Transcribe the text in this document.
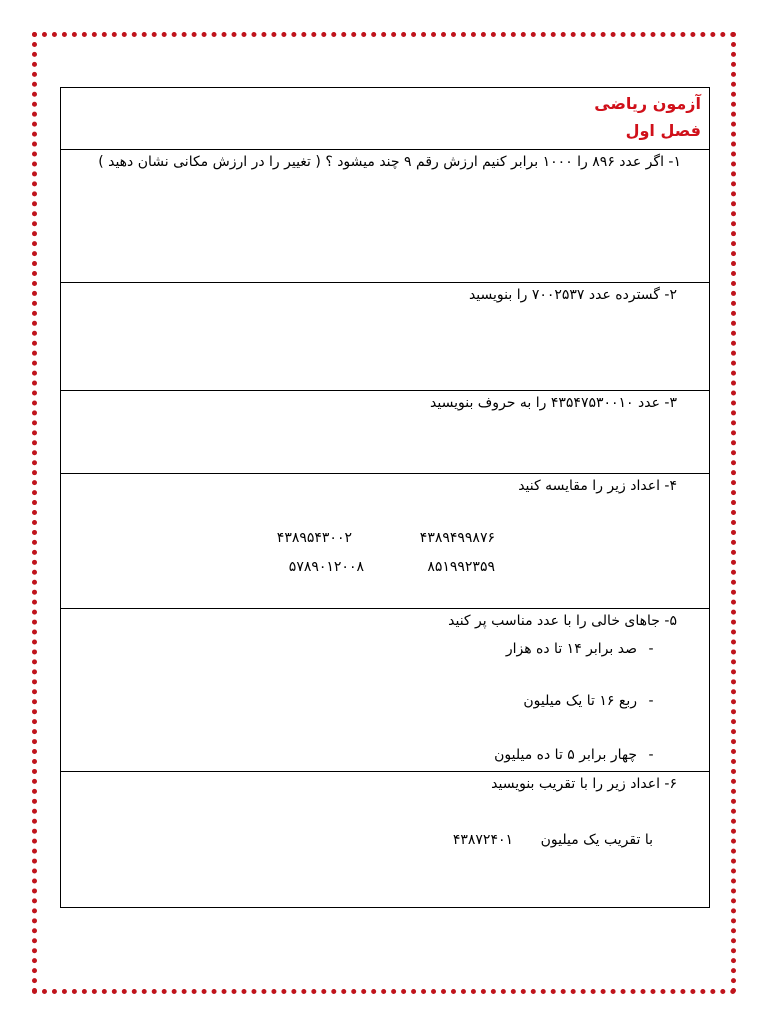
آزمون ریاضی
فصل اول
۱- اگر عدد ۸۹۶ را ۱۰۰۰ برابر کنیم ارزش رقم ۹ چند میشود ؟ ( تغییر را در ارزش مکانی نشان دهید )
۲- گسترده عدد ۷۰۰۲۵۳۷ را بنویسید
۳- عدد ۴۳۵۴۷۵۳۰۰۱۰ را به حروف بنویسید
۴- اعداد زیر را مقایسه کنید
۴۳۸۹۴۹۹۸۷۶
۴۳۸۹۵۴۳۰۰۲
۸۵۱۹۹۲۳۵۹
۵۷۸۹۰۱۲۰۰۸
۵- جاهای خالی را با عدد مناسب پر کنید
-صد برابر ۱۴ تا ده هزار
-ربع ۱۶ تا یک میلیون
-چهار برابر ۵ تا ده میلیون
۶- اعداد زیر را با تقریب بنویسید
با تقریب یک میلیون
۴۳۸۷۲۴۰۱
